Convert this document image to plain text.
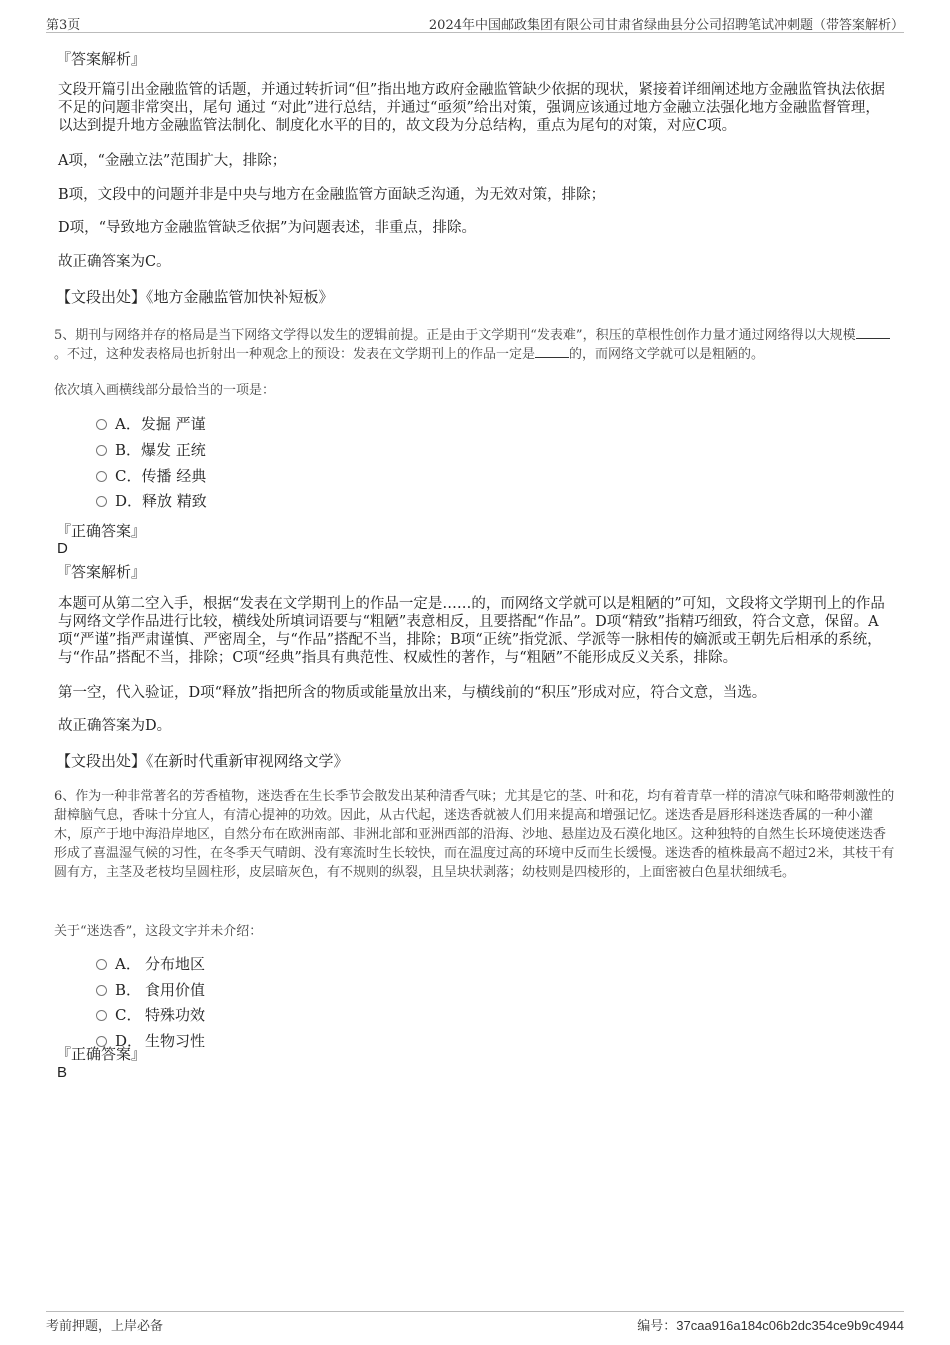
第3页	2024年中国邮政集团有限公司甘肃省绿曲县分公司招聘笔试冲刺题（带答案解析）
『答案解析』
文段开篇引出金融监管的话题，并通过转折词“但”指出地方政府金融监管缺少依据的现状，紧接着详细阐述地方金融监管执法依据不足的问题非常突出，尾句 通过 “对此”进行总结，并通过“亟须”给出对策，强调应该通过地方金融立法强化地方金融监督管理，以达到提升地方金融监管法制化、制度化水平的目的，故文段为分总结构，重点为尾句的对策，对应C项。
A项，“金融立法”范围扩大，排除；
B项，文段中的问题并非是中央与地方在金融监管方面缺乏沟通，为无效对策，排除；
D项，“导致地方金融监管缺乏依据”为问题表述，非重点，排除。
故正确答案为C。
【文段出处】《地方金融监管加快补短板》
5、期刊与网络并存的格局是当下网络文学得以发生的逻辑前提。正是由于文学期刊“发表难”，积压的草根性创作力量才通过网络得以大规模。不过，这种发表格局也折射出一种观念上的预设：发表在文学期刊上的作品一定是	的，而网络文学就可以是粗陋的。
依次填入画横线部分最恰当的一项是：
A．发掘 严谨
B．爆发 正统
C．传播 经典
D．释放 精致
『正确答案』
D
『答案解析』
本题可从第二空入手，根据“发表在文学期刊上的作品一定是……的，而网络文学就可以是粗陋的”可知，文段将文学期刊上的作品与网络文学作品进行比较，横线处所填词语要与“粗陋”表意相反，且要搭配“作品”。D项“精致”指精巧细致，符合文意，保留。A项“严谨”指严肃谨慎、严密周全，与“作品”搭配不当，排除；B项“正统”指党派、学派等一脉相传的嫡派或王朝先后相承的系统，与“作品”搭配不当，排除；C项“经典”指具有典范性、权威性的著作，与“粗陋”不能形成反义关系，排除。
第一空，代入验证，D项“释放”指把所含的物质或能量放出来，与横线前的“积压”形成对应，符合文意，当选。
故正确答案为D。
【文段出处】《在新时代重新审视网络文学》
6、作为一种非常著名的芳香植物，迷迭香在生长季节会散发出某种清香气味；尤其是它的茎、叶和花，均有着青草一样的清凉气味和略带刺激性的甜樟脑气息，香味十分宜人，有清心提神的功效。因此，从古代起，迷迭香就被人们用来提高和增强记忆。迷迭香是唇形科迷迭香属的一种小灌木，原产于地中海沿岸地区，自然分布在欧洲南部、非洲北部和亚洲西部的沿海、沙地、悬崖边及石漠化地区。这种独特的自然生长环境使迷迭香形成了喜温湿气候的习性，在冬季天气晴朗、没有寒流时生长较快，而在温度过高的环境中反而生长缓慢。迷迭香的植株最高不超过2米，其枝干有圆有方，主茎及老枝均呈圆柱形，皮层暗灰色，有不规则的纵裂，且呈块状剥落；幼枝则是四棱形的，上面密被白色星状细绒毛。
关于“迷迭香”，这段文字并未介绍：
A． 分布地区
B． 食用价值
C． 特殊功效
D． 生物习性
『正确答案』
B
考前押题，上岸必备	编号：37caa916a184c06b2dc354ce9b9c4944
